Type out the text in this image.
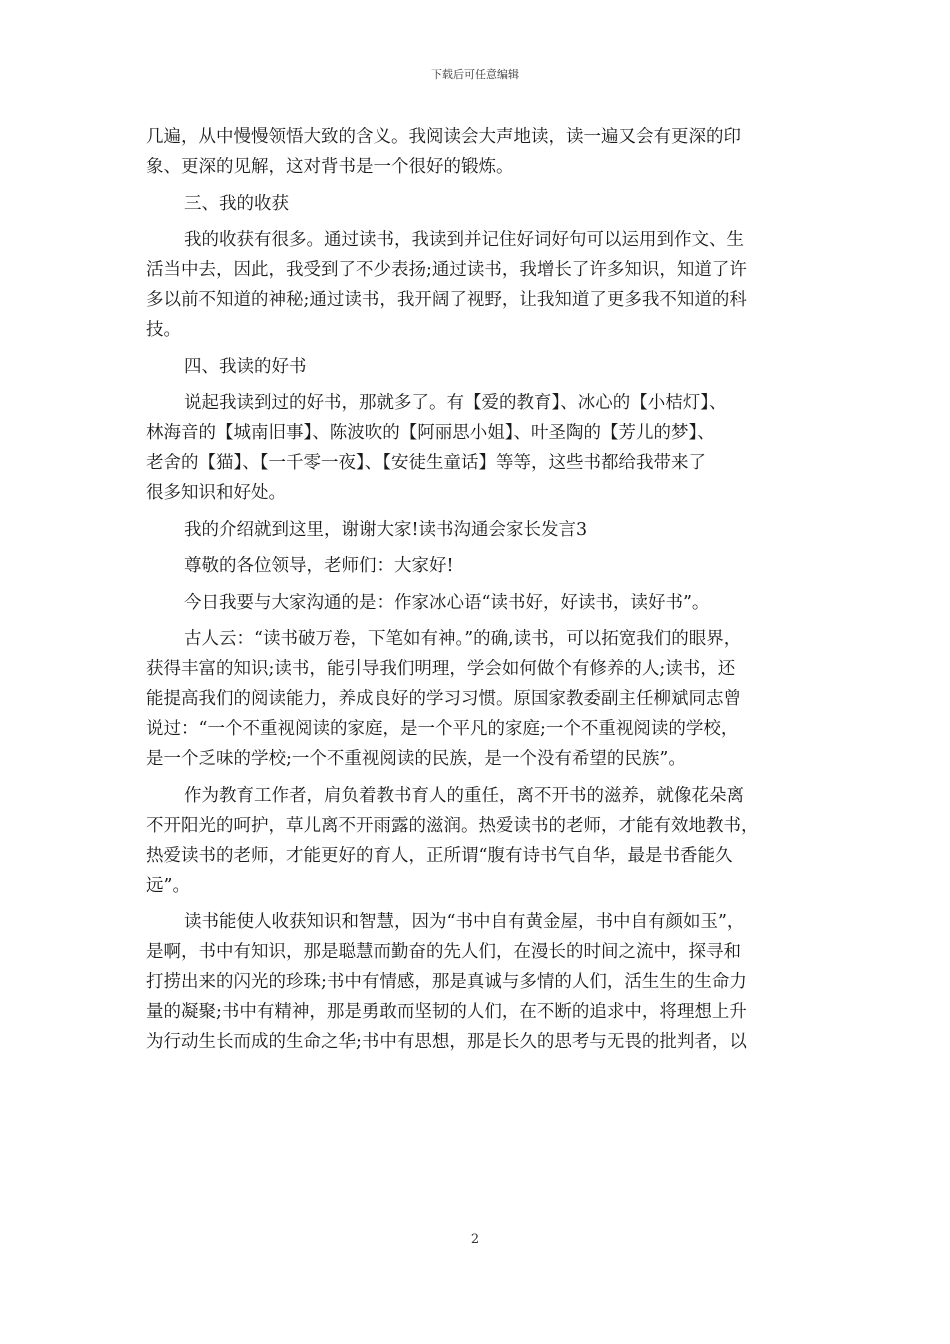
下载后可任意编辑
几遍，从中慢慢领悟大致的含义。我阅读会大声地读，读一遍又会有更深的印
象、更深的见解，这对背书是一个很好的锻炼。
三、我的收获
我的收获有很多。通过读书，我读到并记住好词好句可以运用到作文、生
活当中去，因此，我受到了不少表扬;通过读书，我增长了许多知识，知道了许
多以前不知道的神秘;通过读书，我开阔了视野，让我知道了更多我不知道的科
技。
四、我读的好书
说起我读到过的好书，那就多了。有【爱的教育】、冰心的【小桔灯】、
林海音的【城南旧事】、陈波吹的【阿丽思小姐】、叶圣陶的【芳儿的梦】、
老舍的【猫】、【一千零一夜】、【安徒生童话】等等，这些书都给我带来了
很多知识和好处。
我的介绍就到这里，谢谢大家!读书沟通会家长发言3
尊敬的各位领导，老师们：大家好!
今日我要与大家沟通的是：作家冰心语“读书好，好读书，读好书”。
古人云：“读书破万卷，下笔如有神。”的确,读书，可以拓宽我们的眼界，
获得丰富的知识;读书，能引导我们明理，学会如何做个有修养的人;读书，还
能提高我们的阅读能力，养成良好的学习习惯。原国家教委副主任柳斌同志曾
说过：“一个不重视阅读的家庭，是一个平凡的家庭;一个不重视阅读的学校，
是一个乏味的学校;一个不重视阅读的民族，是一个没有希望的民族”。
作为教育工作者，肩负着教书育人的重任，离不开书的滋养，就像花朵离
不开阳光的呵护，草儿离不开雨露的滋润。热爱读书的老师，才能有效地教书，
热爱读书的老师，才能更好的育人，正所谓“腹有诗书气自华，最是书香能久
远”。
读书能使人收获知识和智慧，因为“书中自有黄金屋，书中自有颜如玉”，
是啊，书中有知识，那是聪慧而勤奋的先人们，在漫长的时间之流中，探寻和
打捞出来的闪光的珍珠;书中有情感，那是真诚与多情的人们，活生生的生命力
量的凝聚;书中有精神，那是勇敢而坚韧的人们，在不断的追求中，将理想上升
为行动生长而成的生命之华;书中有思想，那是长久的思考与无畏的批判者，以
2
